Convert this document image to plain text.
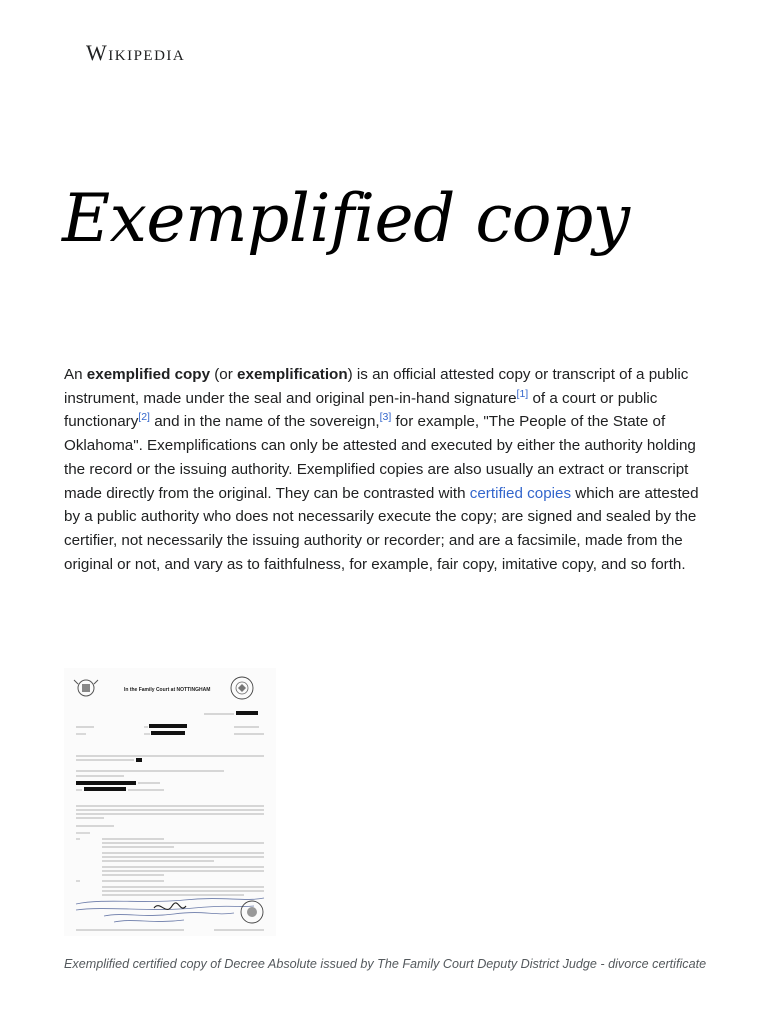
Wikipedia
Exemplified copy

An exemplified copy (or exemplification) is an official attested copy or transcript of a public instrument, made under the seal and original pen-in-hand signature[1] of a court or public functionary[2] and in the name of the sovereign,[3] for example, "The People of the State of Oklahoma". Exemplifications can only be attested and executed by either the authority holding the record or the issuing authority. Exemplified copies are also usually an extract or transcript made directly from the original. They can be contrasted with certified copies which are attested by a public authority who does not necessarily execute the copy; are signed and sealed by the certifier, not necessarily the issuing authority or recorder; and are a facsimile, made from the original or not, and vary as to faithfulness, for example, fair copy, imitative copy, and so forth.

In the Family Court at NOTTINGHAM
Exemplified certified copy of Decree Absolute issued by The Family Court Deputy District Judge - divorce certificate
